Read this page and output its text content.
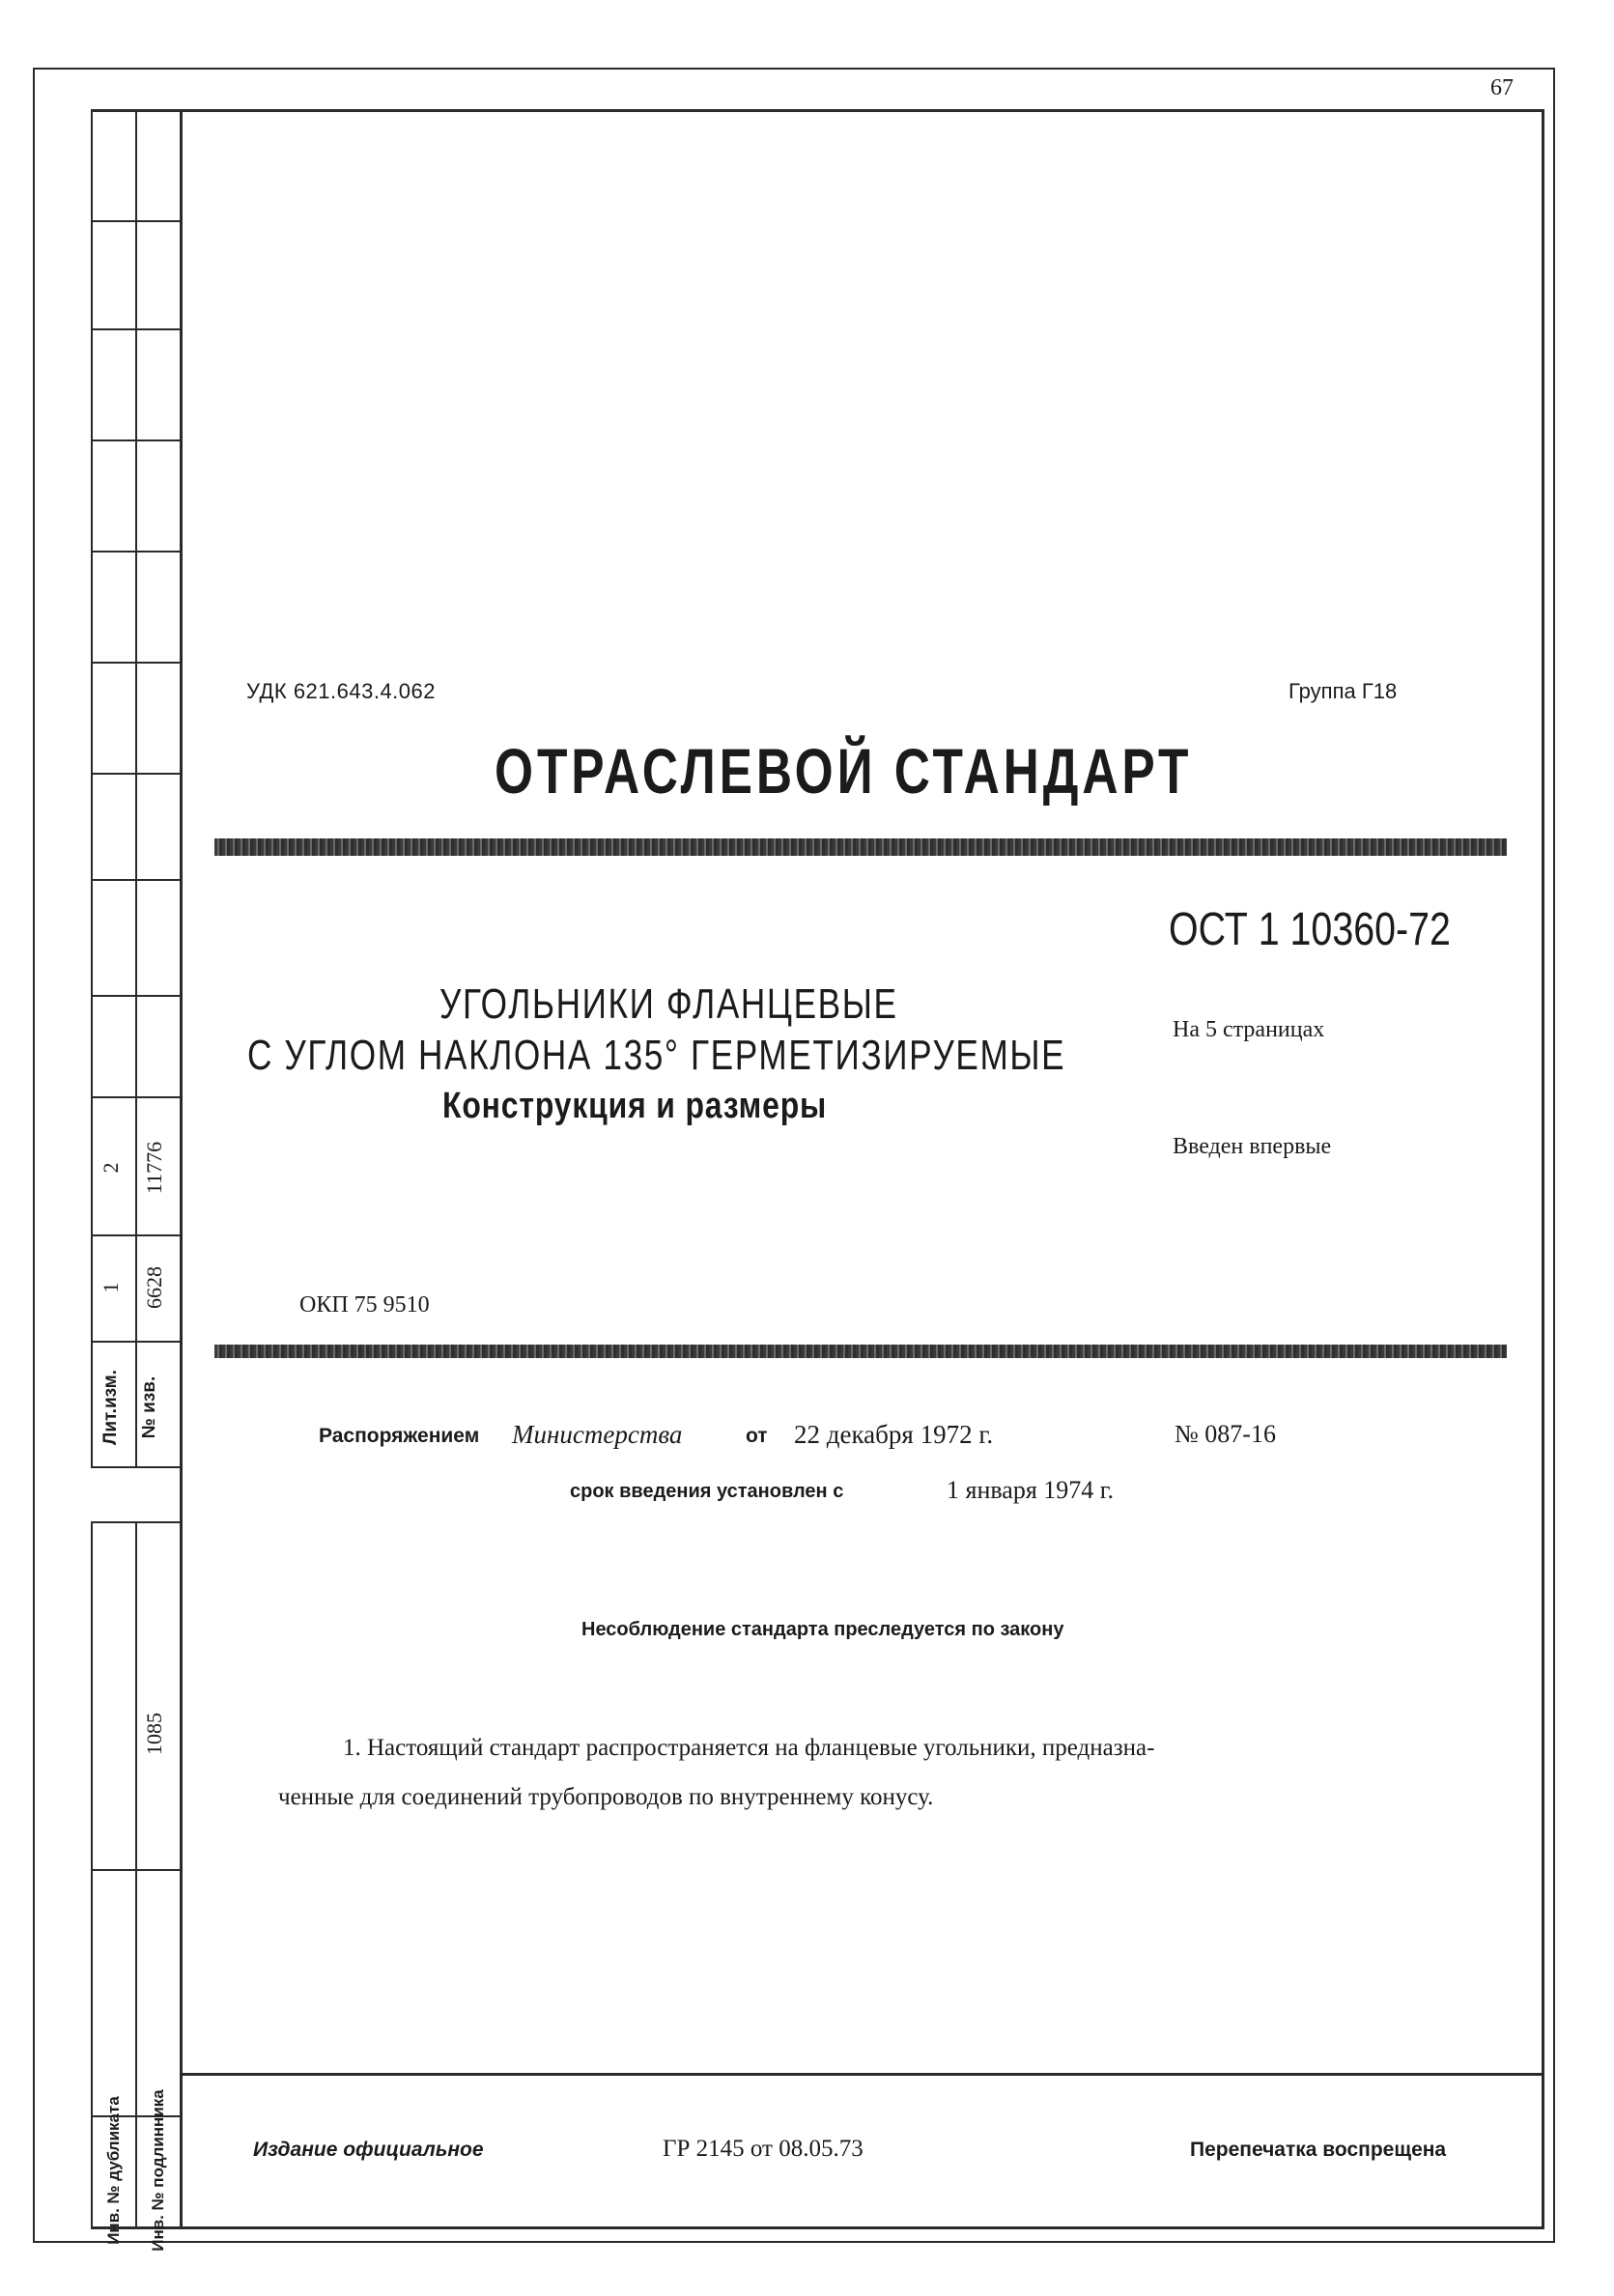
Лит.изм. № изв.
1 6628
2 11776
1085
Инв. № дубликата	Инв. № подлинника
67
УДК 621.643.4.062	Группа Г18
ОТРАСЛЕВОЙ СТАНДАРТ
ОСТ 1 10360-72
УГОЛЬНИКИ ФЛАНЦЕВЫЕ
С УГЛОМ НАКЛОНА 135° ГЕРМЕТИЗИРУЕМЫЕ
Конструкция и размеры
На 5 страницах
Введен впервые
ОКП 75 9510
Распоряжением Министерства	от 22 декабря 1972 г.	№ 087-16
срок введения установлен с	1 января 1974 г.
Несоблюдение стандарта преследуется по закону
1. Настоящий стандарт распространяется на фланцевые угольники, предназна-
ченные для соединений трубопроводов по внутреннему конусу.
Издание официальное	ГР 2145 от 08.05.73	Перепечатка воспрещена
